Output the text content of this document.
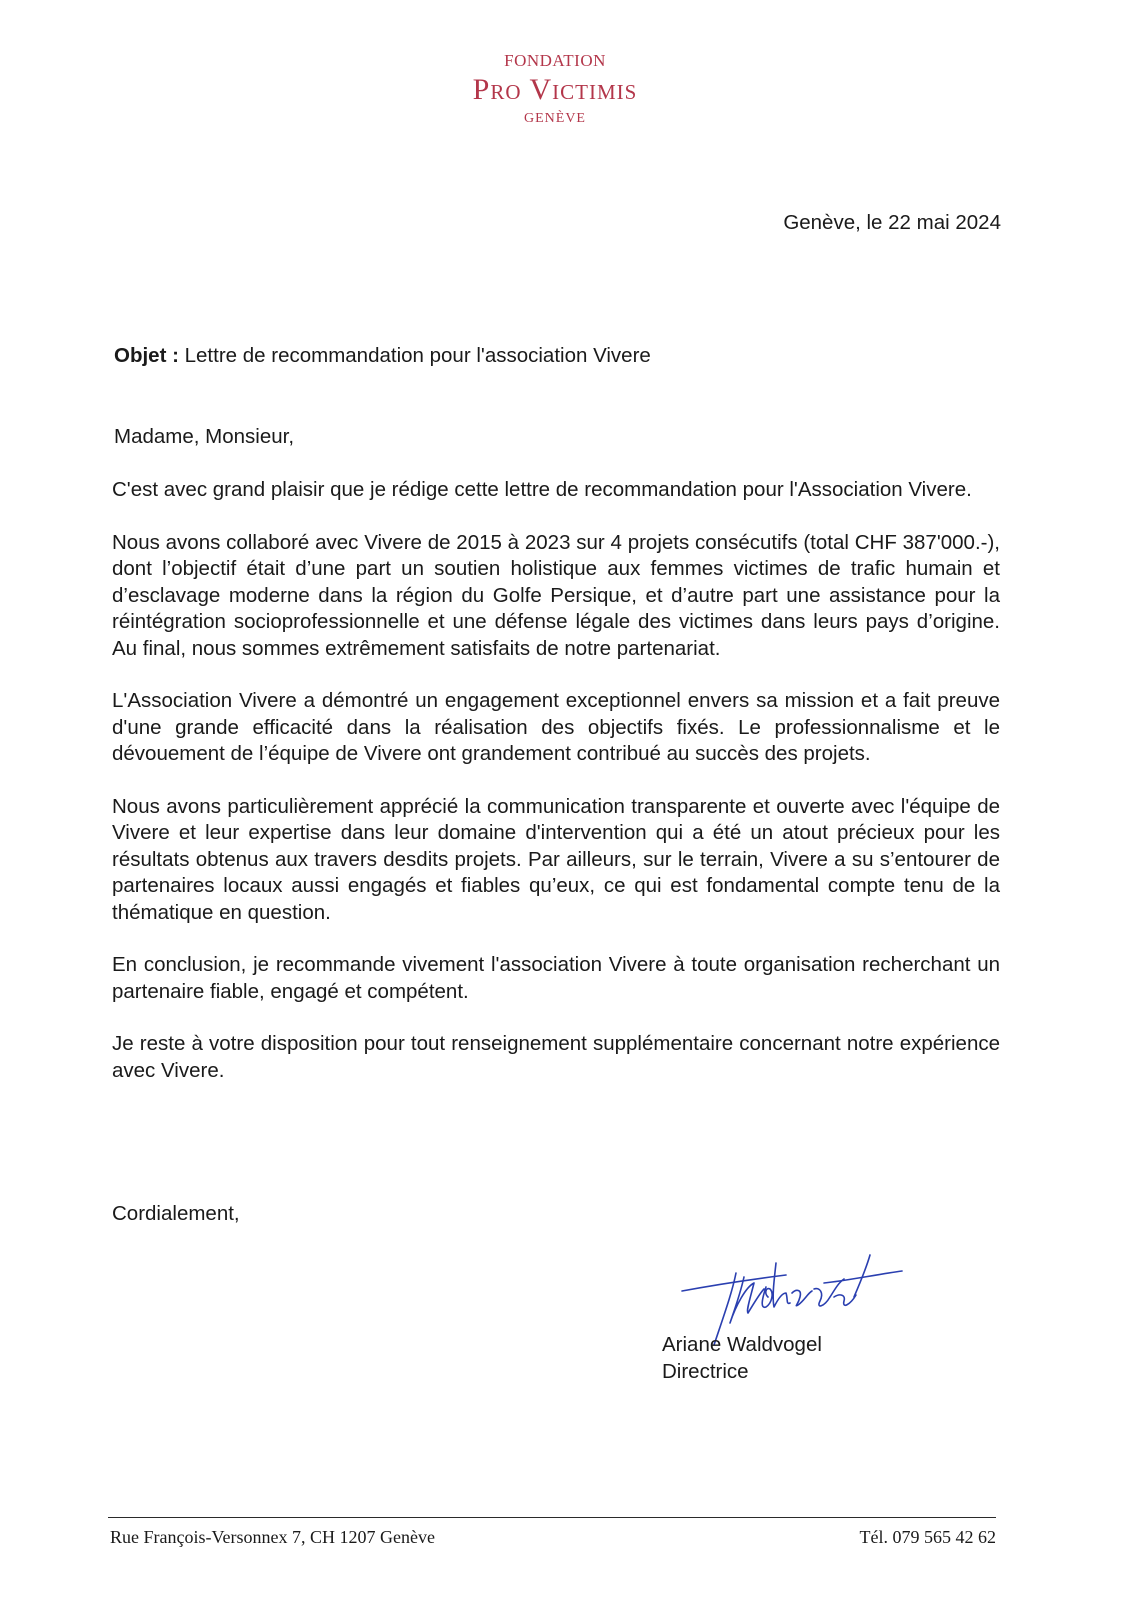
FONDATION
Pro Victimis
GENÈVE
Genève, le 22 mai 2024
Objet : Lettre de recommandation pour l'association Vivere
Madame, Monsieur,

C'est avec grand plaisir que je rédige cette lettre de recommandation pour l'Association Vivere.

Nous avons collaboré avec Vivere de 2015 à 2023 sur 4 projets consécutifs (total CHF 387'000.-), dont l’objectif était d’une part un soutien holistique aux femmes victimes de trafic humain et d’esclavage moderne dans la région du Golfe Persique, et d’autre part une assistance pour la réintégration socioprofessionnelle et une défense légale des victimes dans leurs pays d’origine. Au final, nous sommes extrêmement satisfaits de notre partenariat.

L'Association Vivere a démontré un engagement exceptionnel envers sa mission et a fait preuve d'une grande efficacité dans la réalisation des objectifs fixés. Le professionnalisme et le dévouement de l’équipe de Vivere ont grandement contribué au succès des projets.

Nous avons particulièrement apprécié la communication transparente et ouverte avec l'équipe de Vivere et leur expertise dans leur domaine d'intervention qui a été un atout précieux pour les résultats obtenus aux travers desdits projets. Par ailleurs, sur le terrain, Vivere a su s’entourer de partenaires locaux aussi engagés et fiables qu’eux, ce qui est fondamental compte tenu de la thématique en question.

En conclusion, je recommande vivement l'association Vivere à toute organisation recherchant un partenaire fiable, engagé et compétent.

Je reste à votre disposition pour tout renseignement supplémentaire concernant notre expérience avec Vivere.

Cordialement,
Ariane Waldvogel
Directrice
Rue François-Versonnex 7, CH 1207 Genève	Tél. 079 565 42 62
